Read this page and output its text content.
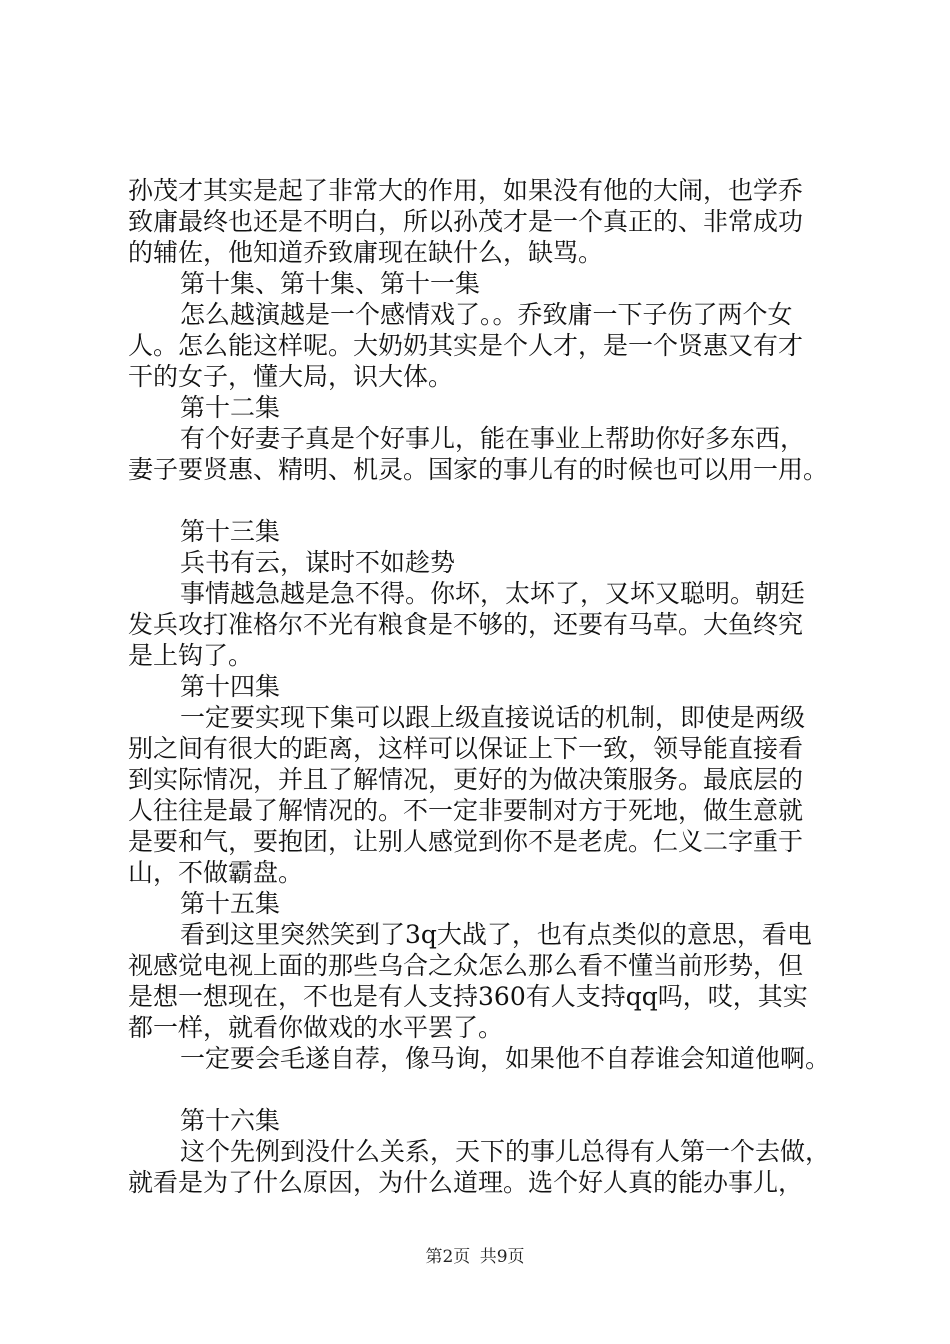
孙茂才其实是起了非常大的作用，如果没有他的大闹，也学乔
致庸最终也还是不明白，所以孙茂才是一个真正的、非常成功
的辅佐，他知道乔致庸现在缺什么，缺骂。
第十集、第十集、第十一集
怎么越演越是一个感情戏了。。乔致庸一下子伤了两个女
人。怎么能这样呢。大奶奶其实是个人才，是一个贤惠又有才
干的女子，懂大局，识大体。
第十二集
有个好妻子真是个好事儿，能在事业上帮助你好多东西，
妻子要贤惠、精明、机灵。国家的事儿有的时候也可以用一用。
第十三集
兵书有云，谋时不如趁势
事情越急越是急不得。你坏，太坏了，又坏又聪明。朝廷
发兵攻打准格尔不光有粮食是不够的，还要有马草。大鱼终究
是上钩了。
第十四集
一定要实现下集可以跟上级直接说话的机制，即使是两级
别之间有很大的距离，这样可以保证上下一致，领导能直接看
到实际情况，并且了解情况，更好的为做决策服务。最底层的
人往往是最了解情况的。不一定非要制对方于死地，做生意就
是要和气，要抱团，让别人感觉到你不是老虎。仁义二字重于
山，不做霸盘。
第十五集
看到这里突然笑到了3q大战了，也有点类似的意思，看电
视感觉电视上面的那些乌合之众怎么那么看不懂当前形势，但
是想一想现在，不也是有人支持360有人支持qq吗，哎，其实
都一样，就看你做戏的水平罢了。
一定要会毛遂自荐，像马询，如果他不自荐谁会知道他啊。
第十六集
这个先例到没什么关系，天下的事儿总得有人第一个去做，
就看是为了什么原因，为什么道理。选个好人真的能办事儿，
第2页 共9页
